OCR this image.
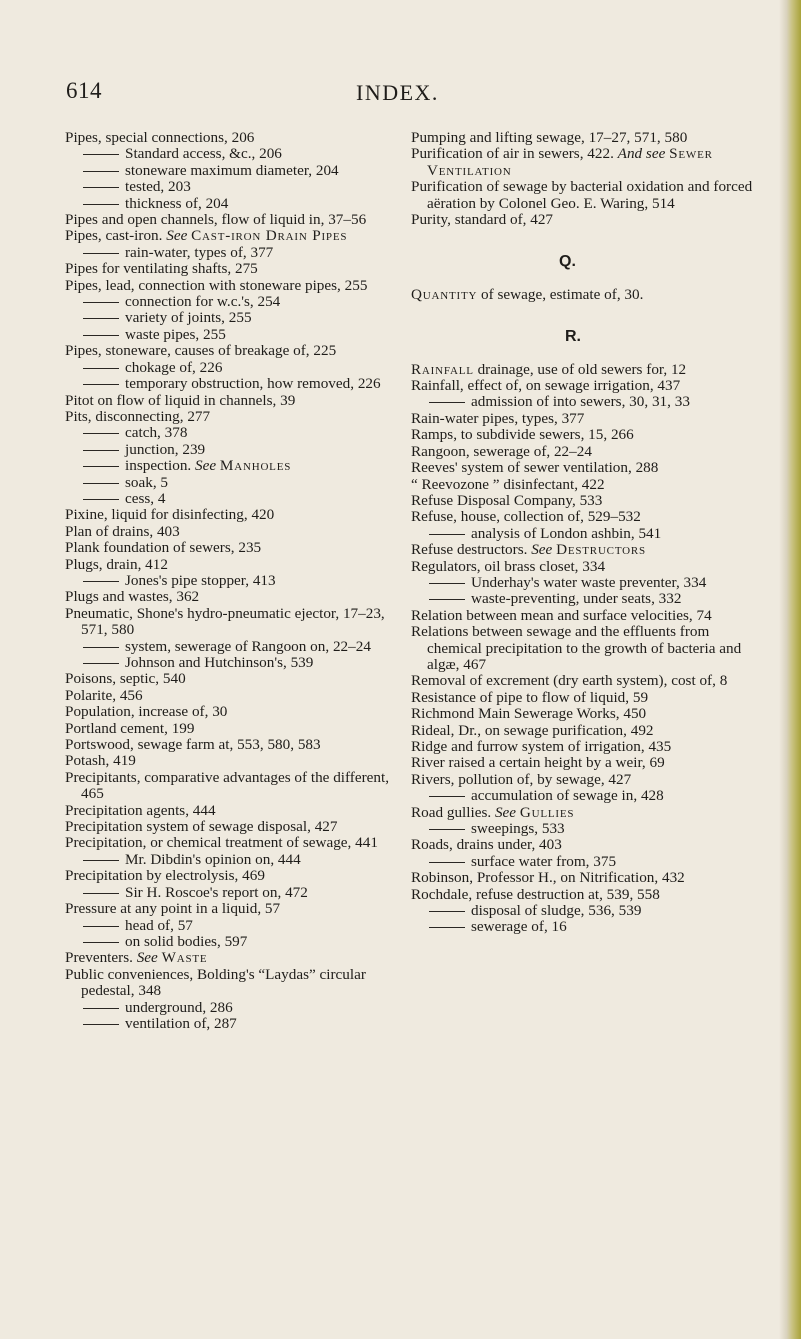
614	INDEX.

Pipes, special connections, 206

Standard access, &c., 206

stoneware maximum diameter, 204

tested, 203

thickness of, 204

Pipes and open channels, flow of liquid in, 37–56

Pipes, cast-iron. See Cast-iron Drain Pipes

rain-water, types of, 377

Pipes for ventilating shafts, 275

Pipes, lead, connection with stoneware pipes, 255

connection for w.c.'s, 254

variety of joints, 255

waste pipes, 255

Pipes, stoneware, causes of breakage of, 225

chokage of, 226

temporary obstruction, how removed, 226

Pitot on flow of liquid in channels, 39

Pits, disconnecting, 277

catch, 378

junction, 239

inspection. See Manholes

soak, 5

cess, 4

Pixine, liquid for disinfecting, 420

Plan of drains, 403

Plank foundation of sewers, 235

Plugs, drain, 412

Jones's pipe stopper, 413

Plugs and wastes, 362

Pneumatic, Shone's hydro-pneumatic ejector, 17–23, 571, 580

system, sewerage of Rangoon on, 22–24

Johnson and Hutchinson's, 539

Poisons, septic, 540

Polarite, 456

Population, increase of, 30

Portland cement, 199

Portswood, sewage farm at, 553, 580, 583

Potash, 419

Precipitants, comparative advantages of the different, 465

Precipitation agents, 444

Precipitation system of sewage disposal, 427

Precipitation, or chemical treatment of sewage, 441

Mr. Dibdin's opinion on, 444

Precipitation by electrolysis, 469

Sir H. Roscoe's report on, 472

Pressure at any point in a liquid, 57

head of, 57

on solid bodies, 597

Preventers. See Waste

Public conveniences, Bolding's “Laydas” circular pedestal, 348

underground, 286

ventilation of, 287

Pumping and lifting sewage, 17–27, 571, 580

Purification of air in sewers, 422. And see Sewer Ventilation

Purification of sewage by bacterial oxidation and forced aëration by Colonel Geo. E. Waring, 514

Purity, standard of, 427

Q.

Quantity of sewage, estimate of, 30.

R.

Rainfall drainage, use of old sewers for, 12

Rainfall, effect of, on sewage irrigation, 437

admission of into sewers, 30, 31, 33

Rain-water pipes, types, 377

Ramps, to subdivide sewers, 15, 266

Rangoon, sewerage of, 22–24

Reeves' system of sewer ventilation, 288

“ Reevozone ” disinfectant, 422

Refuse Disposal Company, 533

Refuse, house, collection of, 529–532

analysis of London ashbin, 541

Refuse destructors. See Destructors

Regulators, oil brass closet, 334

Underhay's water waste preventer, 334

waste-preventing, under seats, 332

Relation between mean and surface velocities, 74

Relations between sewage and the effluents from chemical precipitation to the growth of bacteria and algæ, 467

Removal of excrement (dry earth system), cost of, 8

Resistance of pipe to flow of liquid, 59

Richmond Main Sewerage Works, 450

Rideal, Dr., on sewage purification, 492

Ridge and furrow system of irrigation, 435

River raised a certain height by a weir, 69

Rivers, pollution of, by sewage, 427

accumulation of sewage in, 428

Road gullies. See Gullies

sweepings, 533

Roads, drains under, 403

surface water from, 375

Robinson, Professor H., on Nitrification, 432

Rochdale, refuse destruction at, 539, 558

disposal of sludge, 536, 539

sewerage of, 16
